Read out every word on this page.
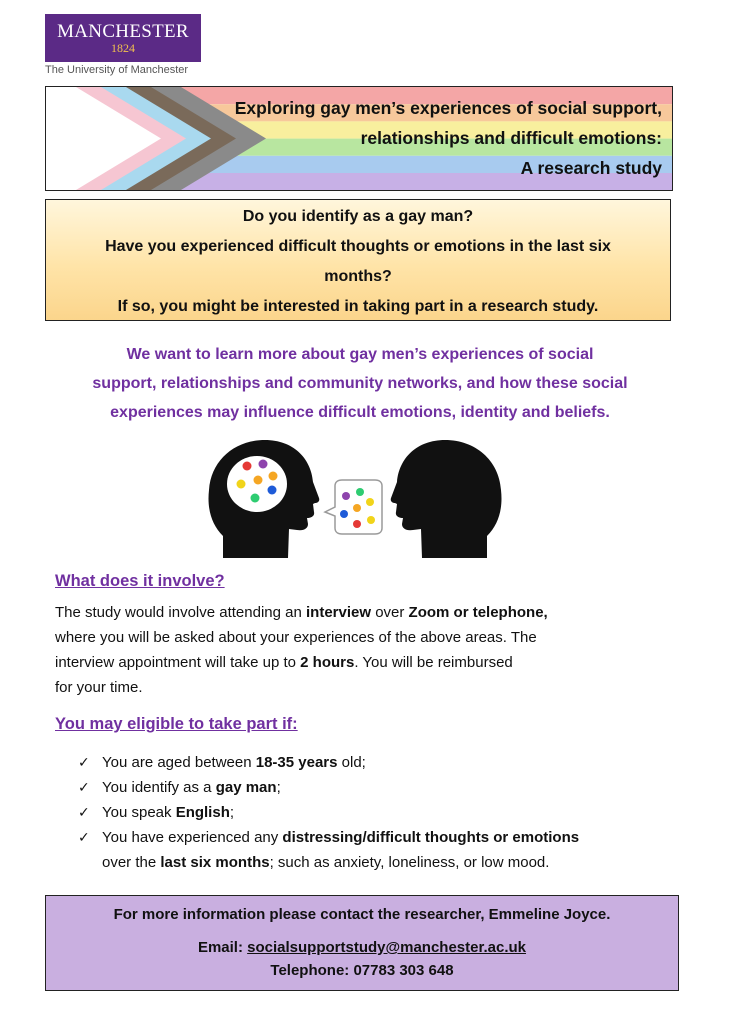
MANCHESTER
1824
The University of Manchester
Exploring gay men’s experiences of social support,
relationships and difficult emotions:
A research study
Do you identify as a gay man?
Have you experienced difficult thoughts or emotions in the last six
months?
If so, you might be interested in taking part in a research study.
We want to learn more about gay men’s experiences of social
support, relationships and community networks, and how these social
experiences may influence difficult emotions, identity and beliefs.
What does it involve?
The study would involve attending an interview over Zoom or telephone,
where you will be asked about your experiences of the above areas. The
interview appointment will take up to 2 hours. You will be reimbursed
for your time.
You may eligible to take part if:
✓ You are aged between 18-35 years old;
✓ You identify as a gay man;
✓ You speak English;
✓ You have experienced any distressing/difficult thoughts or emotions
over the last six months; such as anxiety, loneliness, or low mood.
For more information please contact the researcher, Emmeline Joyce.
Email: socialsupportstudy@manchester.ac.uk
Telephone: 07783 303 648
